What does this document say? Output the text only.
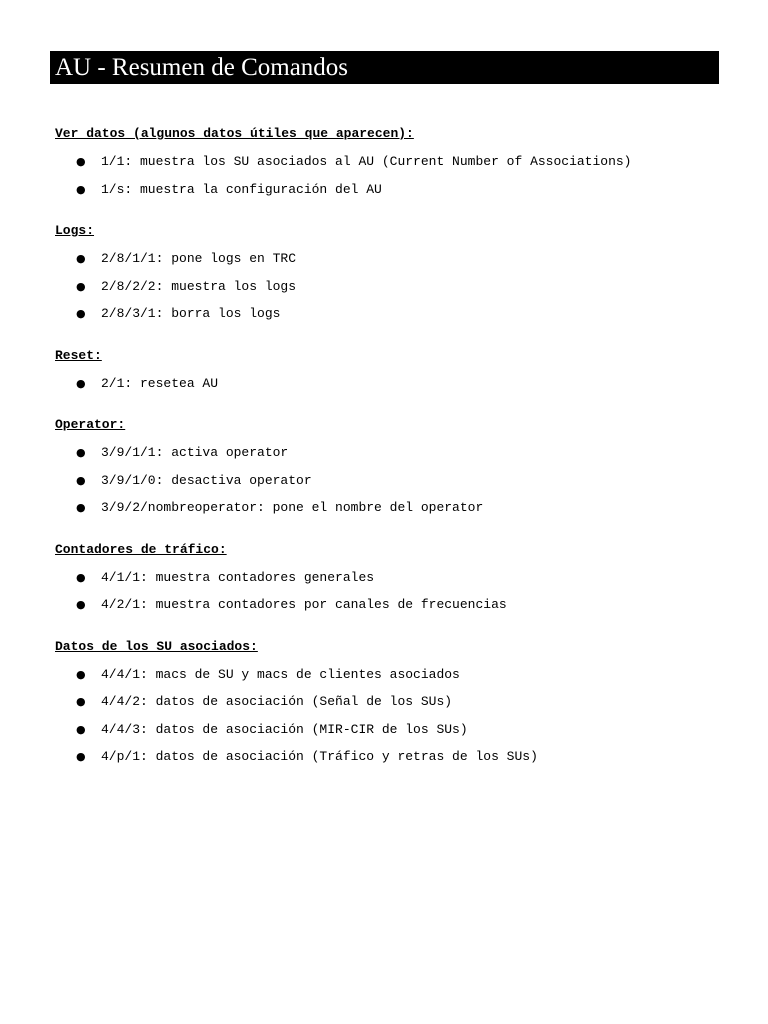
AU - Resumen de Comandos
Ver datos (algunos datos útiles que aparecen):
● 1/1: muestra los SU asociados al AU (Current Number of Associations)
● 1/s: muestra la configuración del AU
Logs:
● 2/8/1/1: pone logs en TRC
● 2/8/2/2: muestra los logs
● 2/8/3/1: borra los logs
Reset:
● 2/1: resetea AU
Operator:
● 3/9/1/1: activa operator
● 3/9/1/0: desactiva operator
● 3/9/2/nombreoperator: pone el nombre del operator
Contadores de tráfico:
● 4/1/1: muestra contadores generales
● 4/2/1: muestra contadores por canales de frecuencias
Datos de los SU asociados:
● 4/4/1: macs de SU y macs de clientes asociados
● 4/4/2: datos de asociación (Señal de los SUs)
● 4/4/3: datos de asociación (MIR-CIR de los SUs)
● 4/p/1: datos de asociación (Tráfico y retras de los SUs)
